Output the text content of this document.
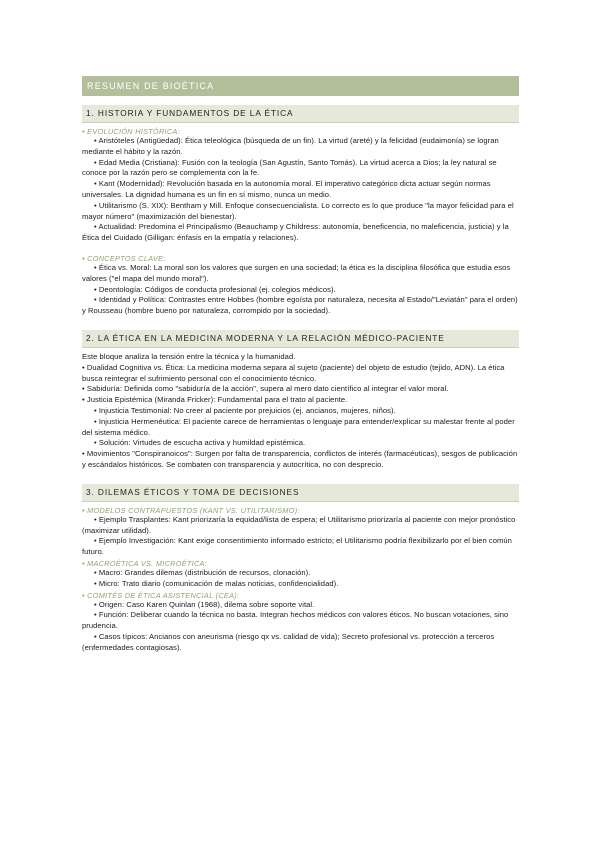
RESUMEN DE BIOÉTICA
1. HISTORIA Y FUNDAMENTOS DE LA ÉTICA
• EVOLUCIÓN HISTÓRICA:

• Aristóteles (Antigüedad): Ética teleológica (búsqueda de un fin). La virtud (areté) y la felicidad (eudaimonía) se logran mediante el hábito y la razón.

• Edad Media (Cristiana): Fusión con la teología (San Agustín, Santo Tomás). La virtud acerca a Dios; la ley natural se conoce por la razón pero se complementa con la fe.

• Kant (Modernidad): Revolución basada en la autonomía moral. El imperativo categórico dicta actuar según normas universales. La dignidad humana es un fin en sí mismo, nunca un medio.

• Utilitarismo (S. XIX): Bentham y Mill. Enfoque consecuencialista. Lo correcto es lo que produce "la mayor felicidad para el mayor número" (maximización del bienestar).

• Actualidad: Predomina el Principalismo (Beauchamp y Childress: autonomía, beneficencia, no maleficencia, justicia) y la Ética del Cuidado (Gilligan: énfasis en la empatía y relaciones).

• CONCEPTOS CLAVE:

• Ética vs. Moral: La moral son los valores que surgen en una sociedad; la ética es la disciplina filosófica que estudia esos valores ("el mapa del mundo moral").

• Deontología: Códigos de conducta profesional (ej. colegios médicos).

• Identidad y Política: Contrastes entre Hobbes (hombre egoísta por naturaleza, necesita al Estado/"Leviatán" para el orden) y Rousseau (hombre bueno por naturaleza, corrompido por la sociedad).

2. LA ÉTICA EN LA MEDICINA MODERNA Y LA RELACIÓN MÉDICO-PACIENTE

Este bloque analiza la tensión entre la técnica y la humanidad.

• Dualidad Cognitiva vs. Ética: La medicina moderna separa al sujeto (paciente) del objeto de estudio (tejido, ADN). La ética busca reintegrar el sufrimiento personal con el conocimiento técnico.

• Sabiduría: Definida como "sabiduría de la acción", supera al mero dato científico al integrar el valor moral.

• Justicia Epistémica (Miranda Fricker): Fundamental para el trato al paciente.

• Injusticia Testimonial: No creer al paciente por prejuicios (ej. ancianos, mujeres, niños).

• Injusticia Hermenéutica: El paciente carece de herramientas o lenguaje para entender/explicar su malestar frente al poder del sistema médico.

• Solución: Virtudes de escucha activa y humildad epistémica.

• Movimientos "Conspiranoicos": Surgen por falta de transparencia, conflictos de interés (farmacéuticas), sesgos de publicación y escándalos históricos. Se combaten con transparencia y autocrítica, no con desprecio.

3. DILEMAS ÉTICOS Y TOMA DE DECISIONES
• MODELOS CONTRAPUESTOS (KANT VS. UTILITARISMO):

• Ejemplo Trasplantes: Kant priorizaría la equidad/lista de espera; el Utilitarismo priorizaría al paciente con mejor pronóstico (maximizar utilidad).

• Ejemplo Investigación: Kant exige consentimiento informado estricto; el Utilitarismo podría flexibilizarlo por el bien común futuro.

• MACROÉTICA VS. MICROÉTICA:

• Macro: Grandes dilemas (distribución de recursos, clonación).

• Micro: Trato diario (comunicación de malas noticias, confidencialidad).

• COMITÉS DE ÉTICA ASISTENCIAL (CEA):

• Origen: Caso Karen Quinlan (1968), dilema sobre soporte vital.

• Función: Deliberar cuando la técnica no basta. Integran hechos médicos con valores éticos. No buscan votaciones, sino prudencia.

• Casos típicos: Ancianos con aneurisma (riesgo qx vs. calidad de vida); Secreto profesional vs. protección a terceros (enfermedades contagiosas).
